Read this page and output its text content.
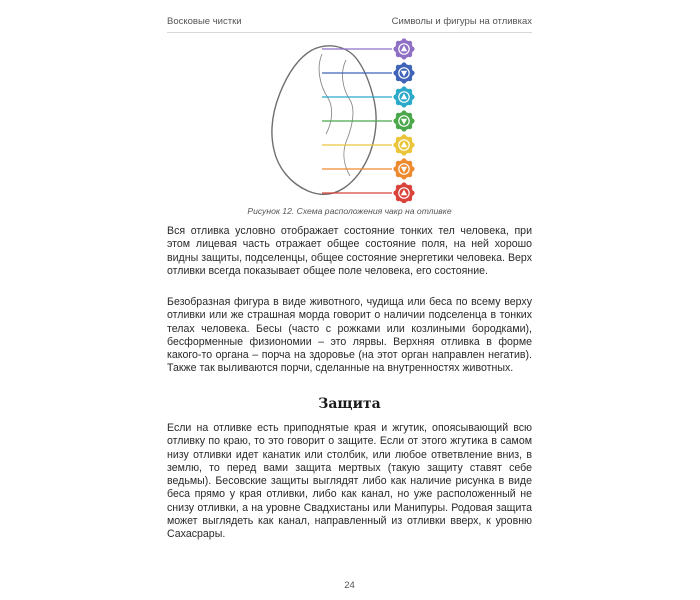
Восковые чистки	Символы и фигуры на отливках
Рисунок 12. Схема расположения чакр на отливке

Вся отливка условно отображает состояние тонких тел человека, при этом лицевая часть отражает общее состояние поля, на ней хорошо видны защиты, подселенцы, общее состояние энергетики человека. Верх отливки всегда показывает общее поле человека, его состояние.

Безобразная фигура в виде животного, чудища или беса по всему верху отливки или же страшная морда говорит о наличии подселенца в тонких телах человека. Бесы (часто с рожками или козлиными бородками), бесформенные физиономии – это лярвы. Верхняя отливка в форме какого-то органа – порча на здоровье (на этот орган направлен негатив). Также так выливаются порчи, сделанные на внутренностях животных.

Защита

Если на отливке есть приподнятые края и жгутик, опоясывающий всю отливку по краю, то это говорит о защите. Если от этого жгутика в самом низу отливки идет канатик или столбик, или любое ответвление вниз, в землю, то перед вами защита мертвых (такую защиту ставят себе ведьмы). Бесовские защиты выглядят либо как наличие рисунка в виде беса прямо у края отливки, либо как канал, но уже расположенный не снизу отливки, а на уровне Свадхистаны или Манипуры. Родовая защита может выглядеть как канал, направленный из отливки вверх, к уровню Сахасрары.

24
